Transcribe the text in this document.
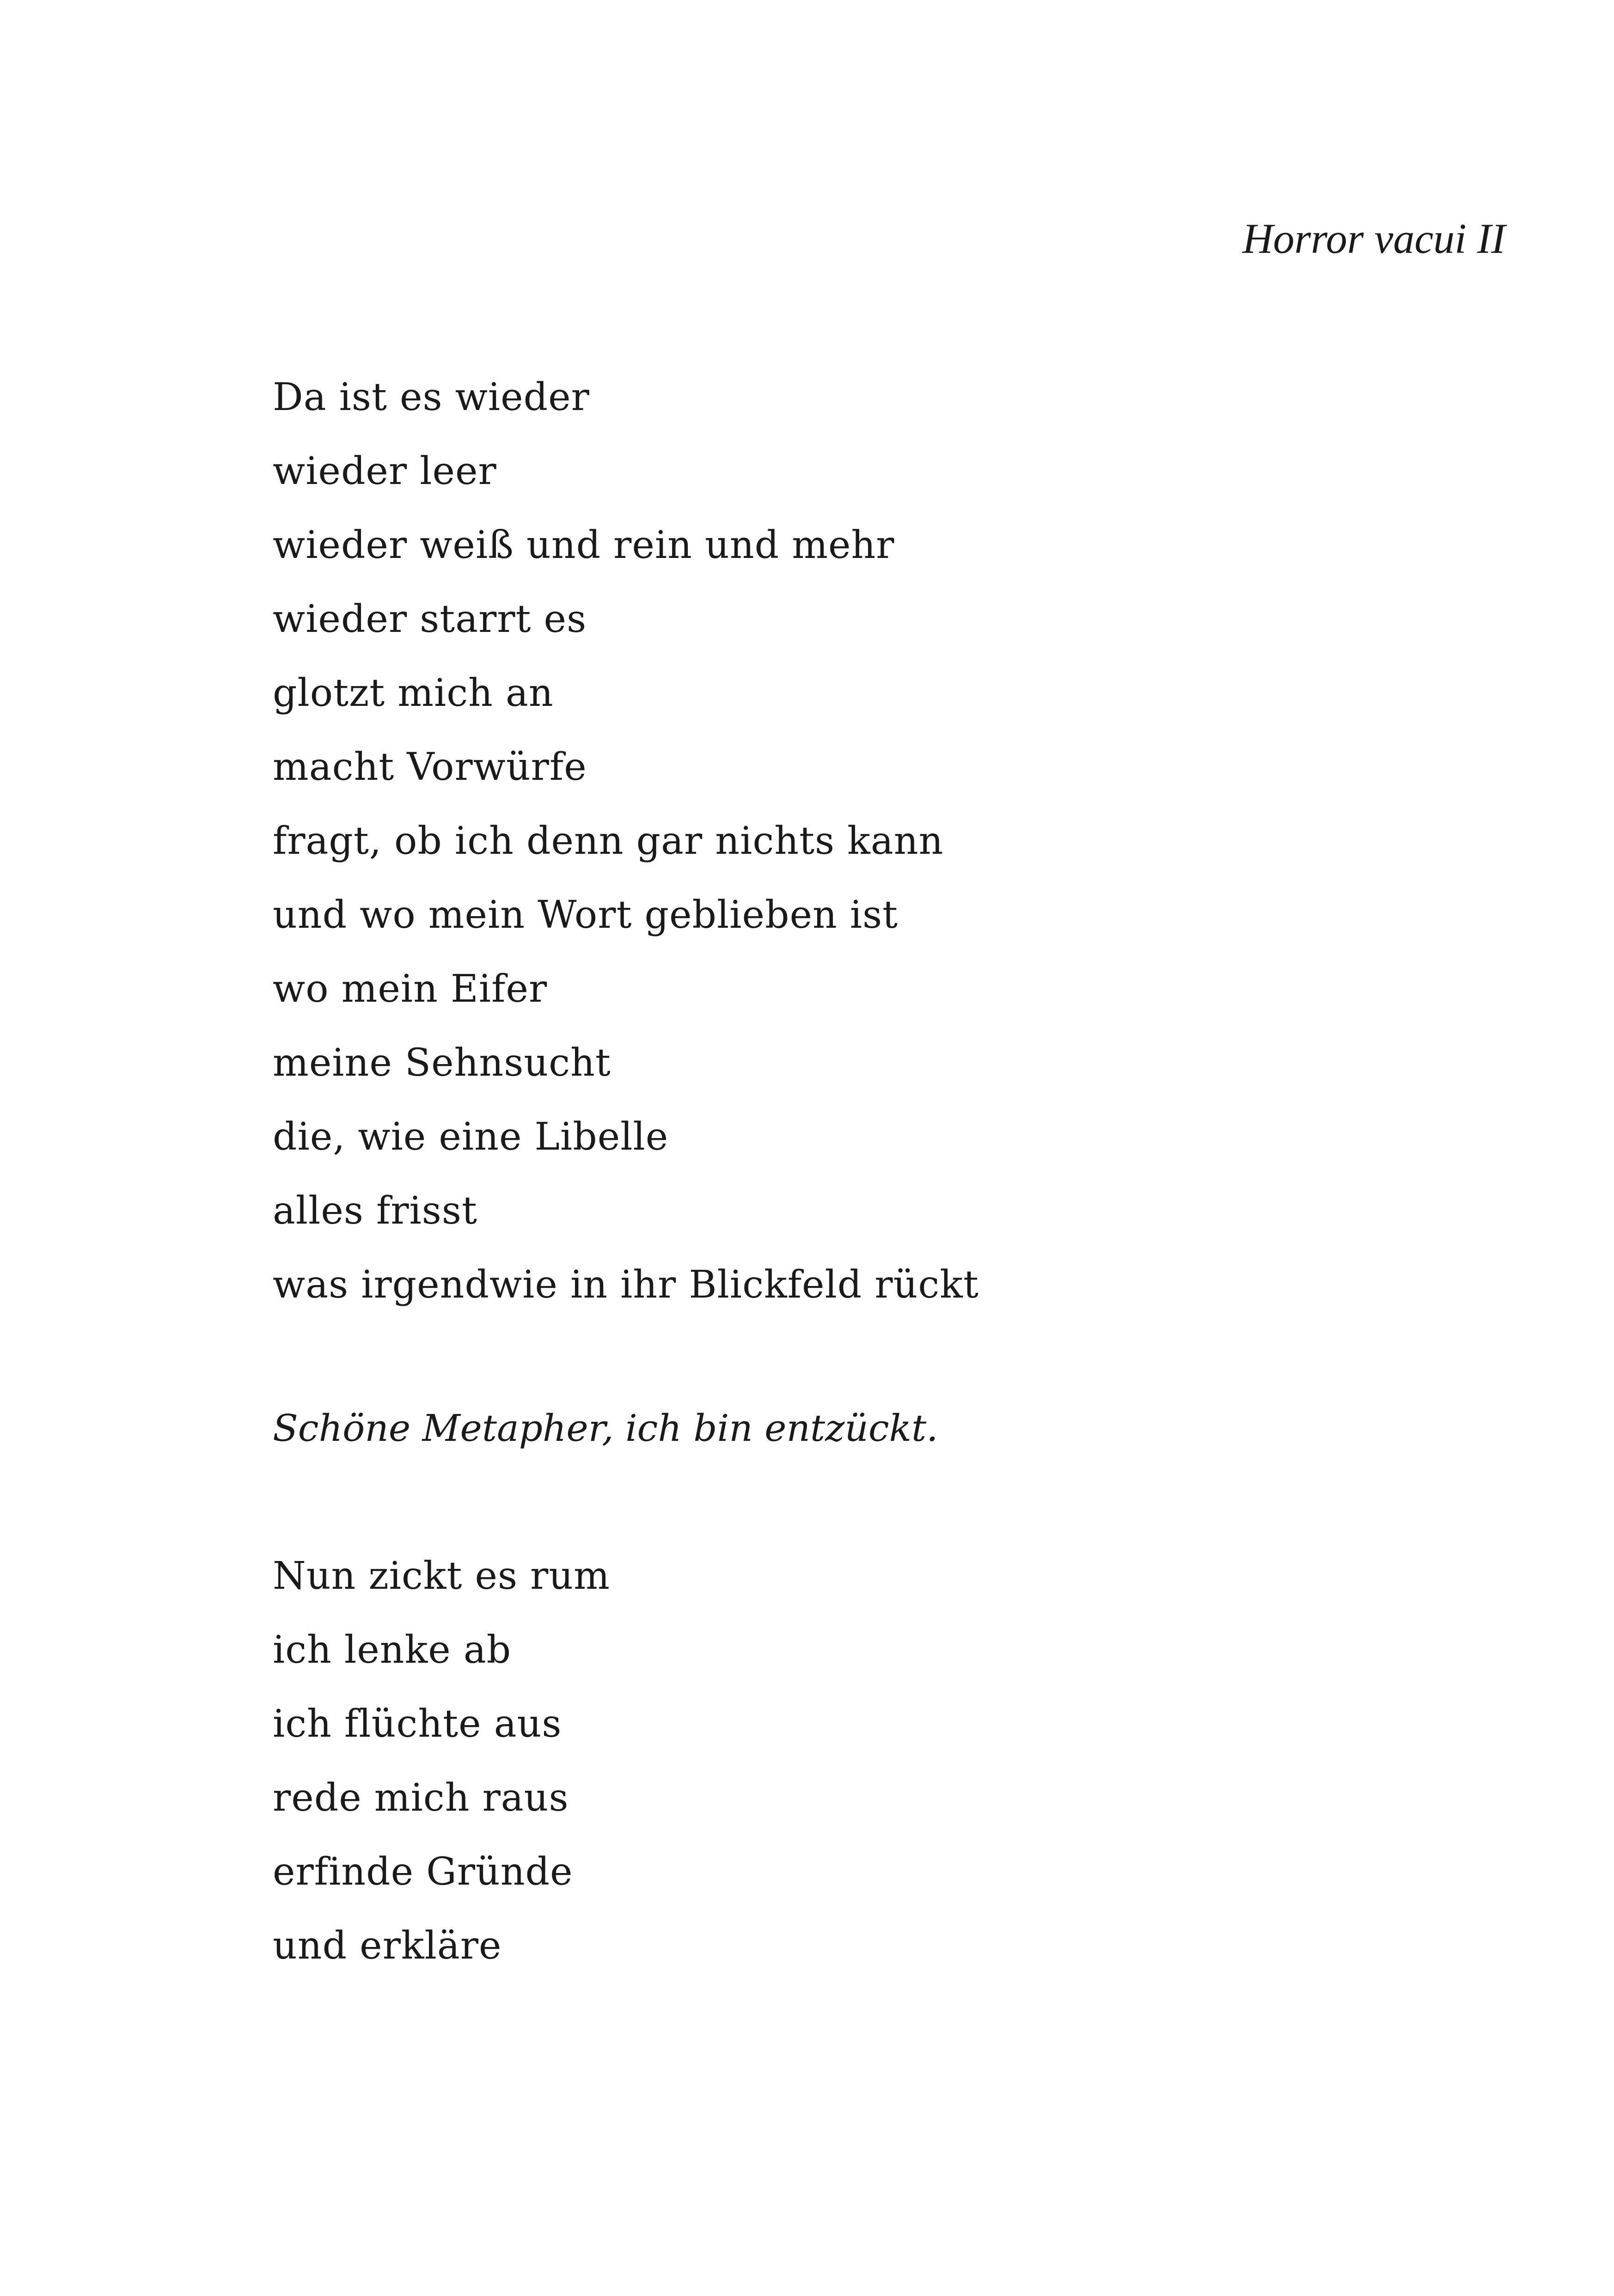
Horror vacui II
Da ist es wieder
wieder leer
wieder weiß und rein und mehr
wieder starrt es
glotzt mich an
macht Vorwürfe
fragt, ob ich denn gar nichts kann
und wo mein Wort geblieben ist
wo mein Eifer
meine Sehnsucht
die, wie eine Libelle
alles frisst
was irgendwie in ihr Blickfeld rückt
Schöne Metapher, ich bin entzückt.
Nun zickt es rum
ich lenke ab
ich flüchte aus
rede mich raus
erfinde Gründe
und erkläre
